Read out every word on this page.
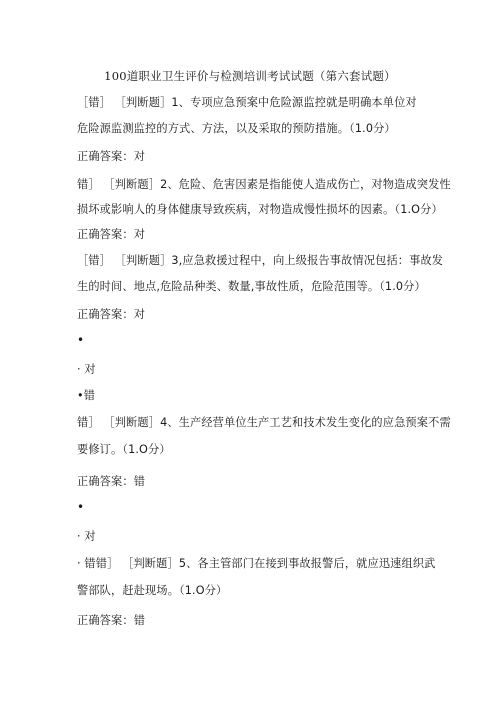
100道职业卫生评价与检测培训考试试题（第六套试题）
［错］ ［判断题］1、专项应急预案中危险源监控就是明确本单位对
危险源监测监控的方式、方法，以及采取的预防措施。（1.0分）
正确答案：对
错］ ［判断题］2、危险、危害因素是指能使人造成伤亡，对物造成突发性
损坏或影响人的身体健康导致疾病，对物造成慢性损坏的因素。（1.O分）
正确答案：对
［错］ ［判断题］3,应急救援过程中，向上级报告事故情况包括：事故发
生的时间、地点,危险品种类、数量,事故性质，危险范围等。（1.0分）
正确答案：对
•
· 对
•错
错］ ［判断题］4、生产经营单位生产工艺和技术发生变化的应急预案不需
要修订。（1.O分）
正确答案：错
•
· 对
· 错错］ ［判断题］5、各主管部门在接到事故报警后，就应迅速组织武
警部队，赶赴现场。（1.O分）
正确答案：错
